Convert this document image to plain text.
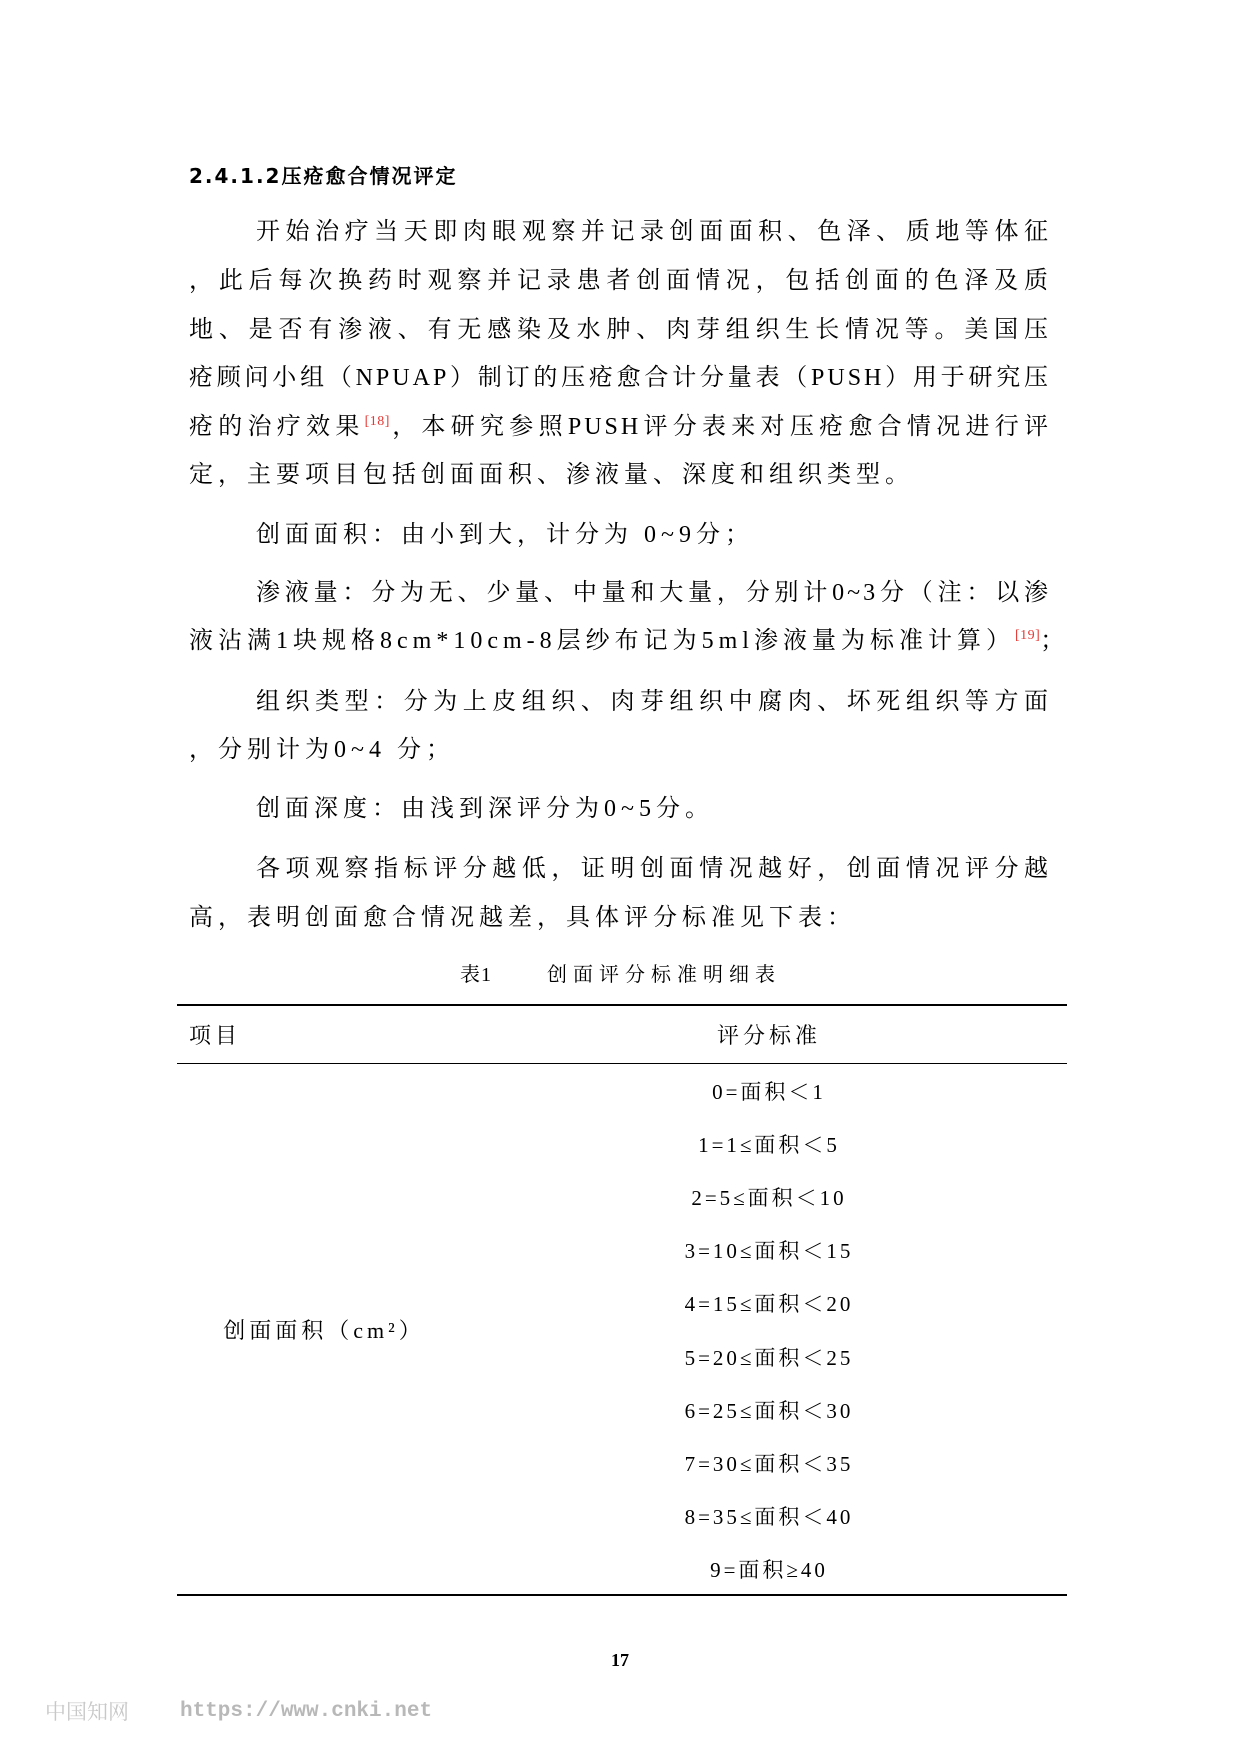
2.4.1.2压疮愈合情况评定
开始治疗当天即肉眼观察并记录创面面积、色泽、质地等体征
，此后每次换药时观察并记录患者创面情况，包括创面的色泽及质
地、是否有渗液、有无感染及水肿、肉芽组织生长情况等。美国压
疮顾问小组（NPUAP）制订的压疮愈合计分量表（PUSH）用于研究压
疮的治疗效果[18]，本研究参照PUSH评分表来对压疮愈合情况进行评
定，主要项目包括创面面积、渗液量、深度和组织类型。
创面面积：由小到大，计分为 0~9分；
渗液量：分为无、少量、中量和大量，分别计0~3分（注：以渗
液沾满1块规格8cm*10cm-8层纱布记为5ml渗液量为标准计算）[19]；
组织类型：分为上皮组织、肉芽组织中腐肉、坏死组织等方面
，分别计为0~4 分；
创面深度：由浅到深评分为0~5分。
各项观察指标评分越低，证明创面情况越好，创面情况评分越
高，表明创面愈合情况越差，具体评分标准见下表：
表1	创面评分标准明细表
项目	评分标准
创面面积（cm²）
0=面积＜1
1=1≤面积＜5
2=5≤面积＜10
3=10≤面积＜15
4=15≤面积＜20
5=20≤面积＜25
6=25≤面积＜30
7=30≤面积＜35
8=35≤面积＜40
9=面积≥40
17
中国知网 https://www.cnki.net
